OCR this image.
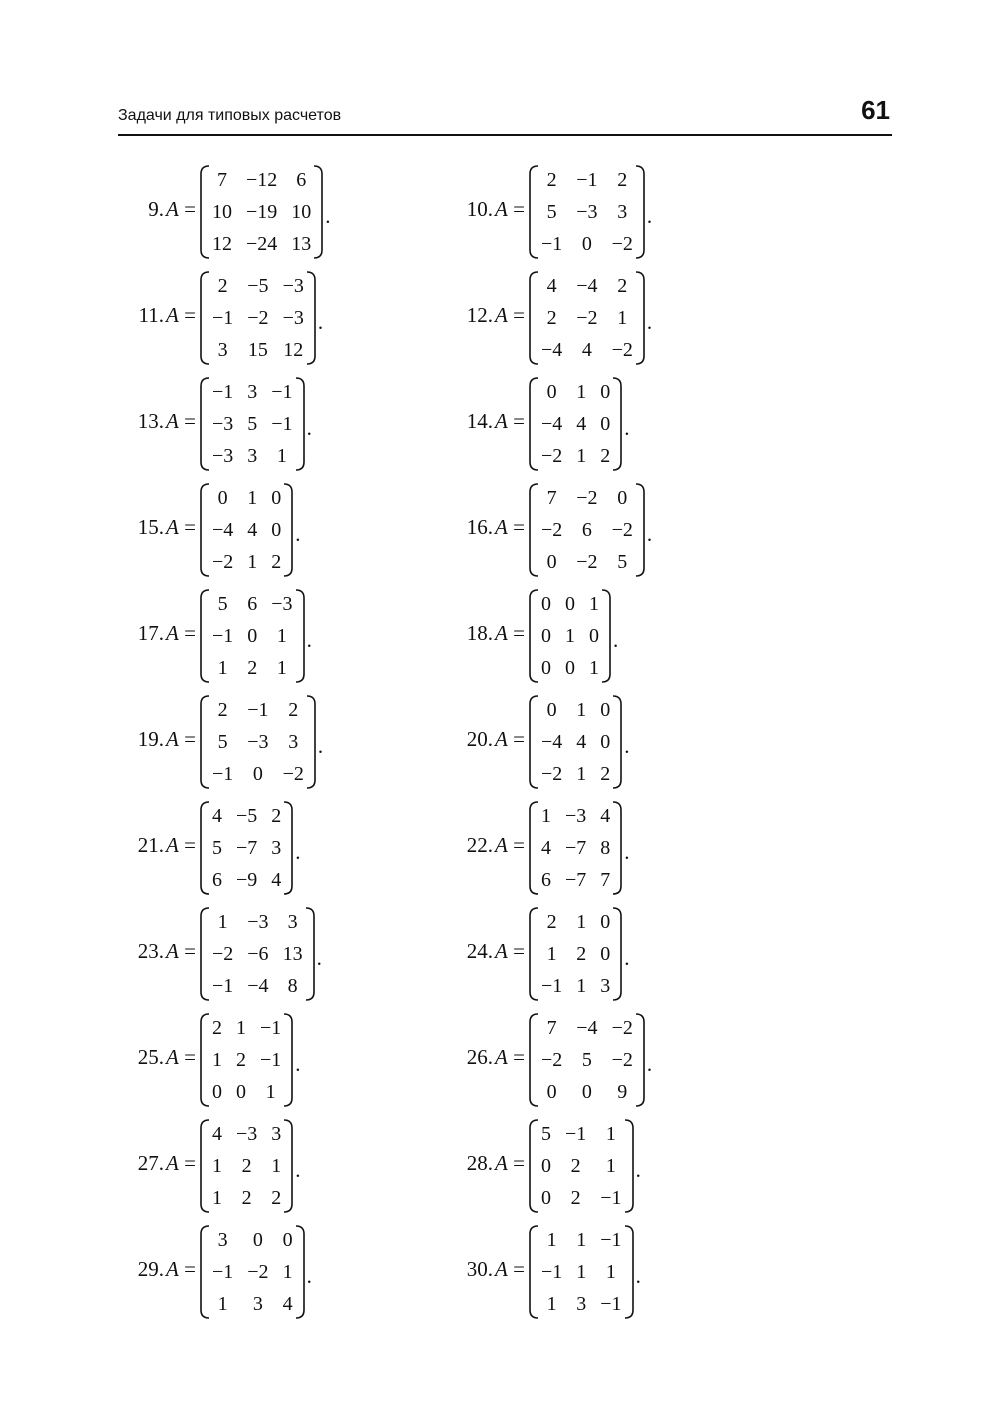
Задачи для типовых расчетов	61
9. A =
7 −12 6
10 −19 10
12 −24 13
.	10. A =
2 −1 2
5 −3 3
−1 0 −2
.
11. A =
2 −5 −3
−1 −2 −3
3 15 12
.	12. A =
4 −4 2
2 −2 1
−4 4 −2
.
13. A =
−1 3 −1
−3 5 −1
−3 3 1
.	14. A =
0 1 0
−4 4 0
−2 1 2
.
15. A =
0 1 0
−4 4 0
−2 1 2
.	16. A =
7 −2 0
−2 6 −2
0 −2 5
.
17. A =
5 6 −3
−1 0 1
1 2 1
.	18. A =
0 0 1
0 1 0
0 0 1
.
19. A =
2 −1 2
5 −3 3
−1 0 −2
.	20. A =
0 1 0
−4 4 0
−2 1 2
.
21. A =
4 −5 2
5 −7 3
6 −9 4
.	22. A =
1 −3 4
4 −7 8
6 −7 7
.
23. A =
1 −3 3
−2 −6 13
−1 −4 8
.	24. A =
2 1 0
1 2 0
−1 1 3
.
25. A =
2 1 −1
1 2 −1
0 0 1
.	26. A =
7 −4 −2
−2 5 −2
0 0 9
.
27. A =
4 −3 3
1 2 1
1 2 2
.	28. A =
5 −1 1
0 2 1
0 2 −1
.
29. A =
3 0 0
−1 −2 1
1 3 4
.	30. A =
1 1 −1
−1 1 1
1 3 −1
.
